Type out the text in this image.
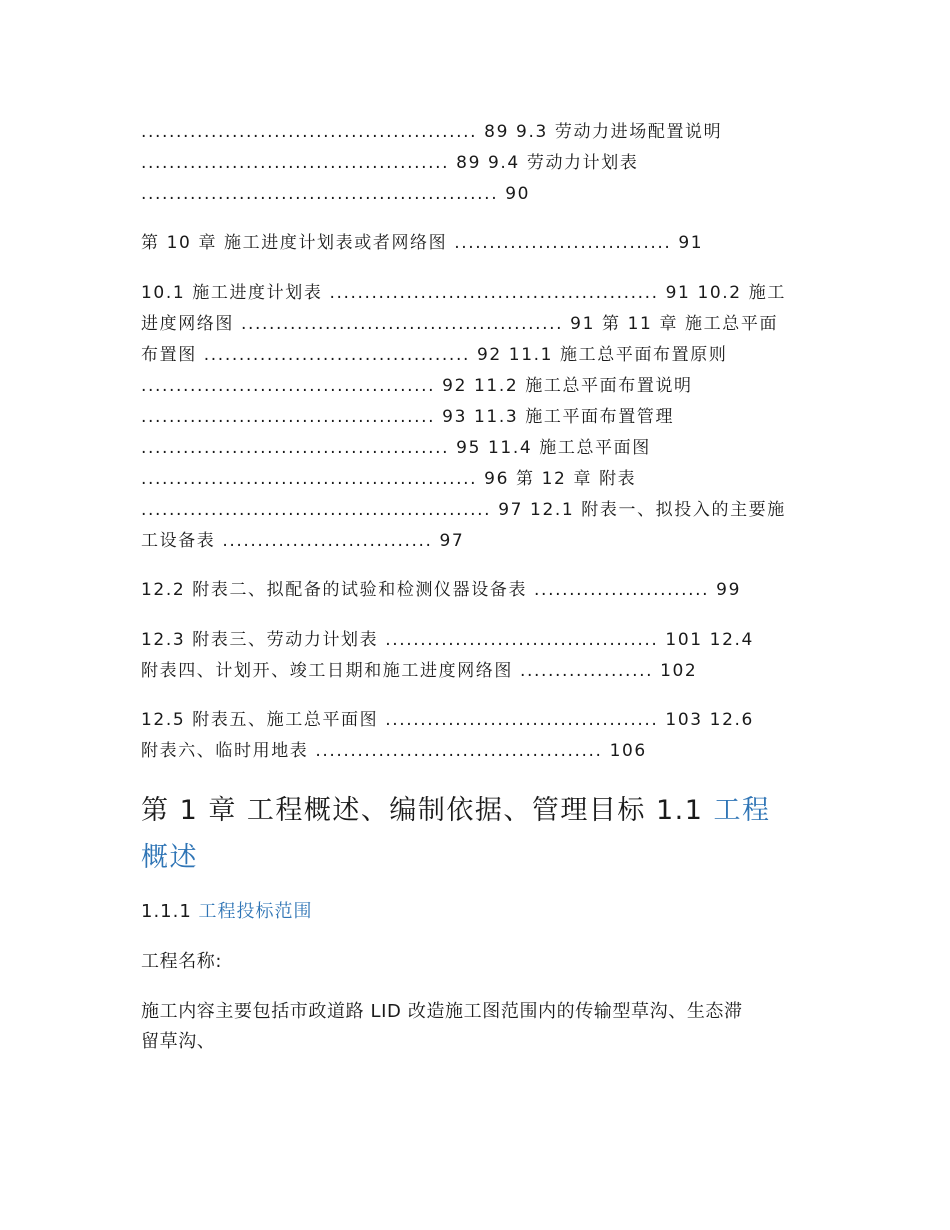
................................................ 89 9.3 劳动力进场配置说明

............................................ 89 9.4 劳动力计划表

................................................... 90

第 10 章 施工进度计划表或者网络图 ............................... 91

10.1 施工进度计划表 ............................................... 91 10.2 施工

进度网络图 .............................................. 91 第 11 章 施工总平面

布置图 ...................................... 92 11.1 施工总平面布置原则

.......................................... 92 11.2 施工总平面布置说明

.......................................... 93 11.3 施工平面布置管理

............................................ 95 11.4 施工总平面图

................................................ 96 第 12 章 附表

.................................................. 97 12.1 附表一、拟投入的主要施

工设备表 .............................. 97

12.2 附表二、拟配备的试验和检测仪器设备表 ......................... 99

12.3 附表三、劳动力计划表 ....................................... 101 12.4

附表四、计划开、竣工日期和施工进度网络图 ................... 102

12.5 附表五、施工总平面图 ....................................... 103 12.6

附表六、临时用地表 ......................................... 106

第 1 章 工程概述、编制依据、管理目标 1.1 工程
概述
1.1.1 工程投标范围

工程名称:

施工内容主要包括市政道路 LID 改造施工图范围内的传输型草沟、生态滞

留草沟、
